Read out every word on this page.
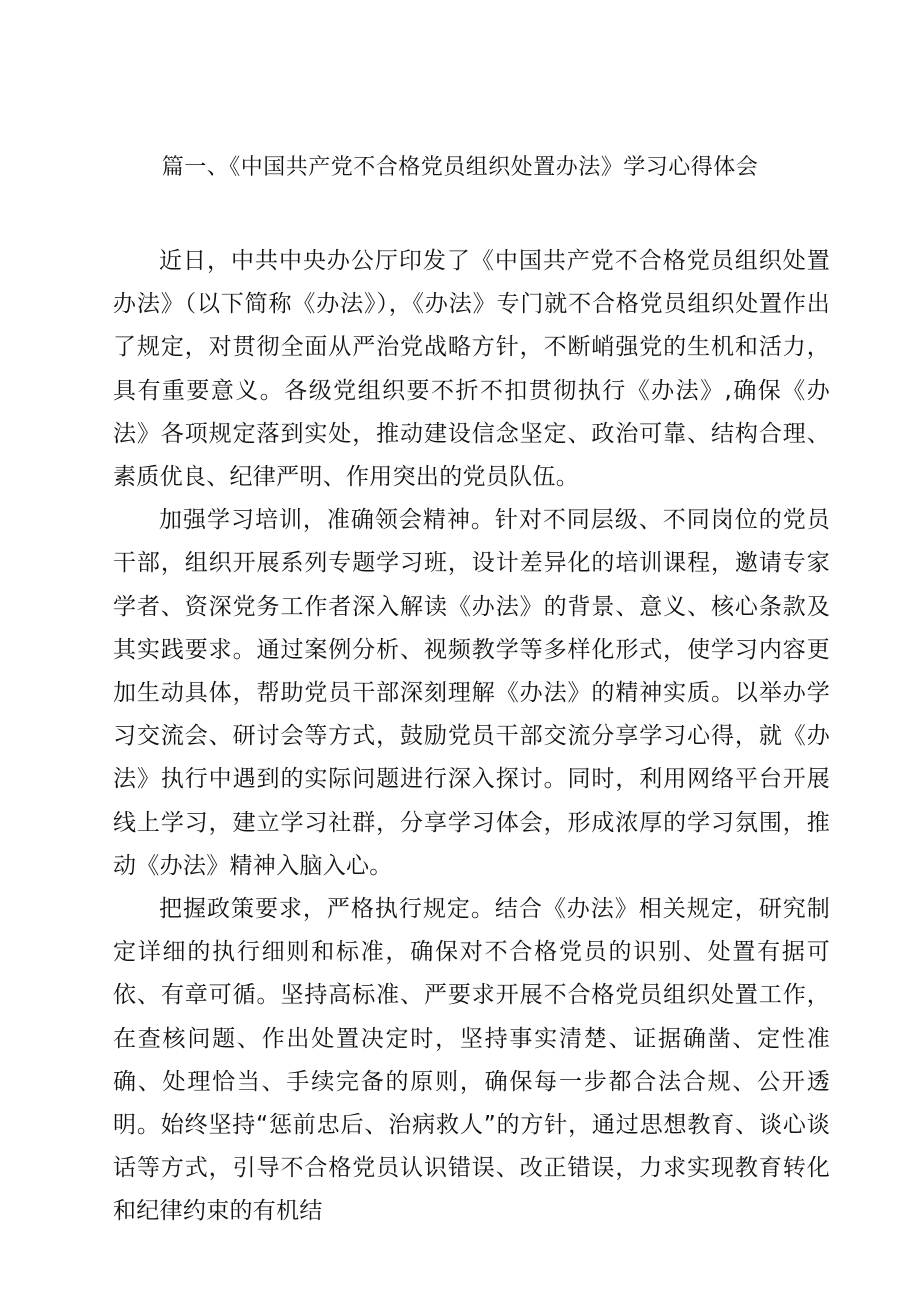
篇一、《中国共产党不合格党员组织处置办法》学习心得体会

近日，中共中央办公厅印发了《中国共产党不合格党员组织处置办法》（以下简称《办法》），《办法》专门就不合格党员组织处置作出了规定，对贯彻全面从严治党战略方针，不断峭强党的生机和活力，具有重要意义。各级党组织要不折不扣贯彻执行《办法》,确保《办法》各项规定落到实处，推动建设信念坚定、政治可靠、结构合理、素质优良、纪律严明、作用突出的党员队伍。

加强学习培训，准确领会精神。针对不同层级、不同岗位的党员干部，组织开展系列专题学习班，设计差异化的培训课程，邀请专家学者、资深党务工作者深入解读《办法》的背景、意义、核心条款及其实践要求。通过案例分析、视频教学等多样化形式，使学习内容更加生动具体，帮助党员干部深刻理解《办法》的精神实质。以举办学习交流会、研讨会等方式，鼓励党员干部交流分享学习心得，就《办法》执行中遇到的实际问题进行深入探讨。同时，利用网络平台开展线上学习，建立学习社群，分享学习体会，形成浓厚的学习氛围，推动《办法》精神入脑入心。

把握政策要求，严格执行规定。结合《办法》相关规定，研究制定详细的执行细则和标准，确保对不合格党员的识别、处置有据可依、有章可循。坚持高标准、严要求开展不合格党员组织处置工作，在查核问题、作出处置决定时，坚持事实清楚、证据确凿、定性准确、处理恰当、手续完备的原则，确保每一步都合法合规、公开透明。始终坚持“惩前忠后、治病救人”的方针，通过思想教育、谈心谈话等方式，引导不合格党员认识错误、改正错误，力求实现教育转化和纪律约束的有机结
